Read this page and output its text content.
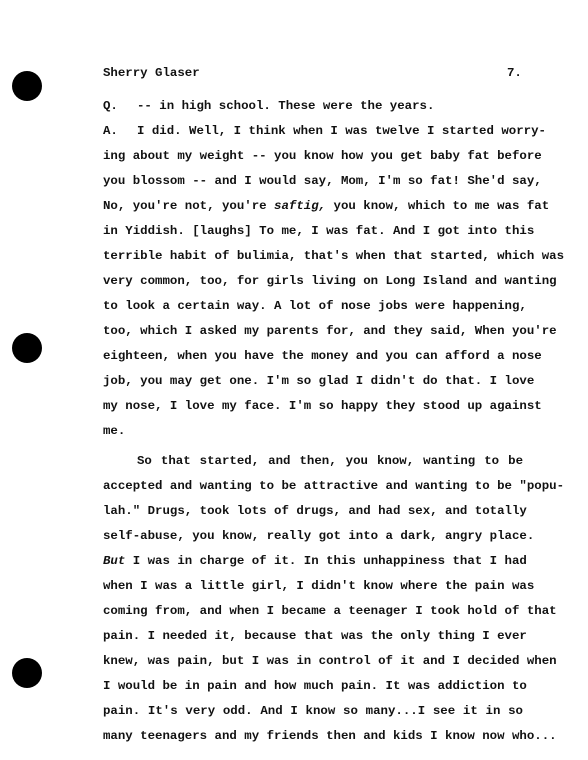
Sherry Glaser	7.
Q. -- in high school. These were the years.
A. I did. Well, I think when I was twelve I started worry-
ing about my weight -- you know how you get baby fat before
you blossom -- and I would say, Mom, I'm so fat! She'd say,
No, you're not, you're saftig, you know, which to me was fat
in Yiddish. [laughs] To me, I was fat. And I got into this
terrible habit of bulimia, that's when that started, which was
very common, too, for girls living on Long Island and wanting
to look a certain way. A lot of nose jobs were happening,
too, which I asked my parents for, and they said, When you're
eighteen, when you have the money and you can afford a nose
job, you may get one. I'm so glad I didn't do that. I love
my nose, I love my face. I'm so happy they stood up against
me.
So that started, and then, you know, wanting to be
accepted and wanting to be attractive and wanting to be "popu-
lah." Drugs, took lots of drugs, and had sex, and totally
self-abuse, you know, really got into a dark, angry place.
But I was in charge of it. In this unhappiness that I had
when I was a little girl, I didn't know where the pain was
coming from, and when I became a teenager I took hold of that
pain. I needed it, because that was the only thing I ever
knew, was pain, but I was in control of it and I decided when
I would be in pain and how much pain. It was addiction to
pain. It's very odd. And I know so many...I see it in so
many teenagers and my friends then and kids I know now who...
